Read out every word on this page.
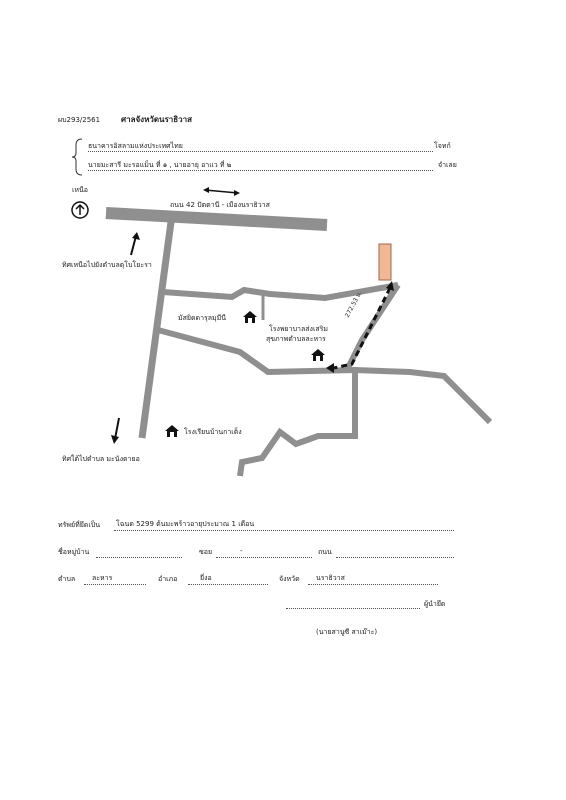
ผบ293/2561	ศาลจังหวัดนราธิวาส
ธนาคารอิสลามแห่งประเทศไทย	โจทก์
นายมะสารี มะรอแม็น ที่ ๑ , นายอายุ อาแว ที่ ๒	จำเลย
เหนือ
ถนน 42 ปัตตานี - เมืองนราธิวาส
ทิศเหนือไปยังตำบลดุโบโยะรา
ทิศใต้ไปตำบล มะนังตายอ
มัสยิดดารุลมุมีนี
โรงพยาบาลส่งเสริม
สุขภาพตำบลละหาร
โรงเรียนบ้านกาเต็ง
272.53 ม.
ทรัพย์ที่ยึดเป็น โฉนด 5299 ต้นมะพร้าวอายุประมาณ 1 เดือน
ชื่อหมู่บ้าน	ซอย	-	ถนน
ตำบล ละหาร	อำเภอ	ยี่งอ	จังหวัด นราธิวาส
ผู้นำยึด
(นายสานูซี สาเม๊าะ)
